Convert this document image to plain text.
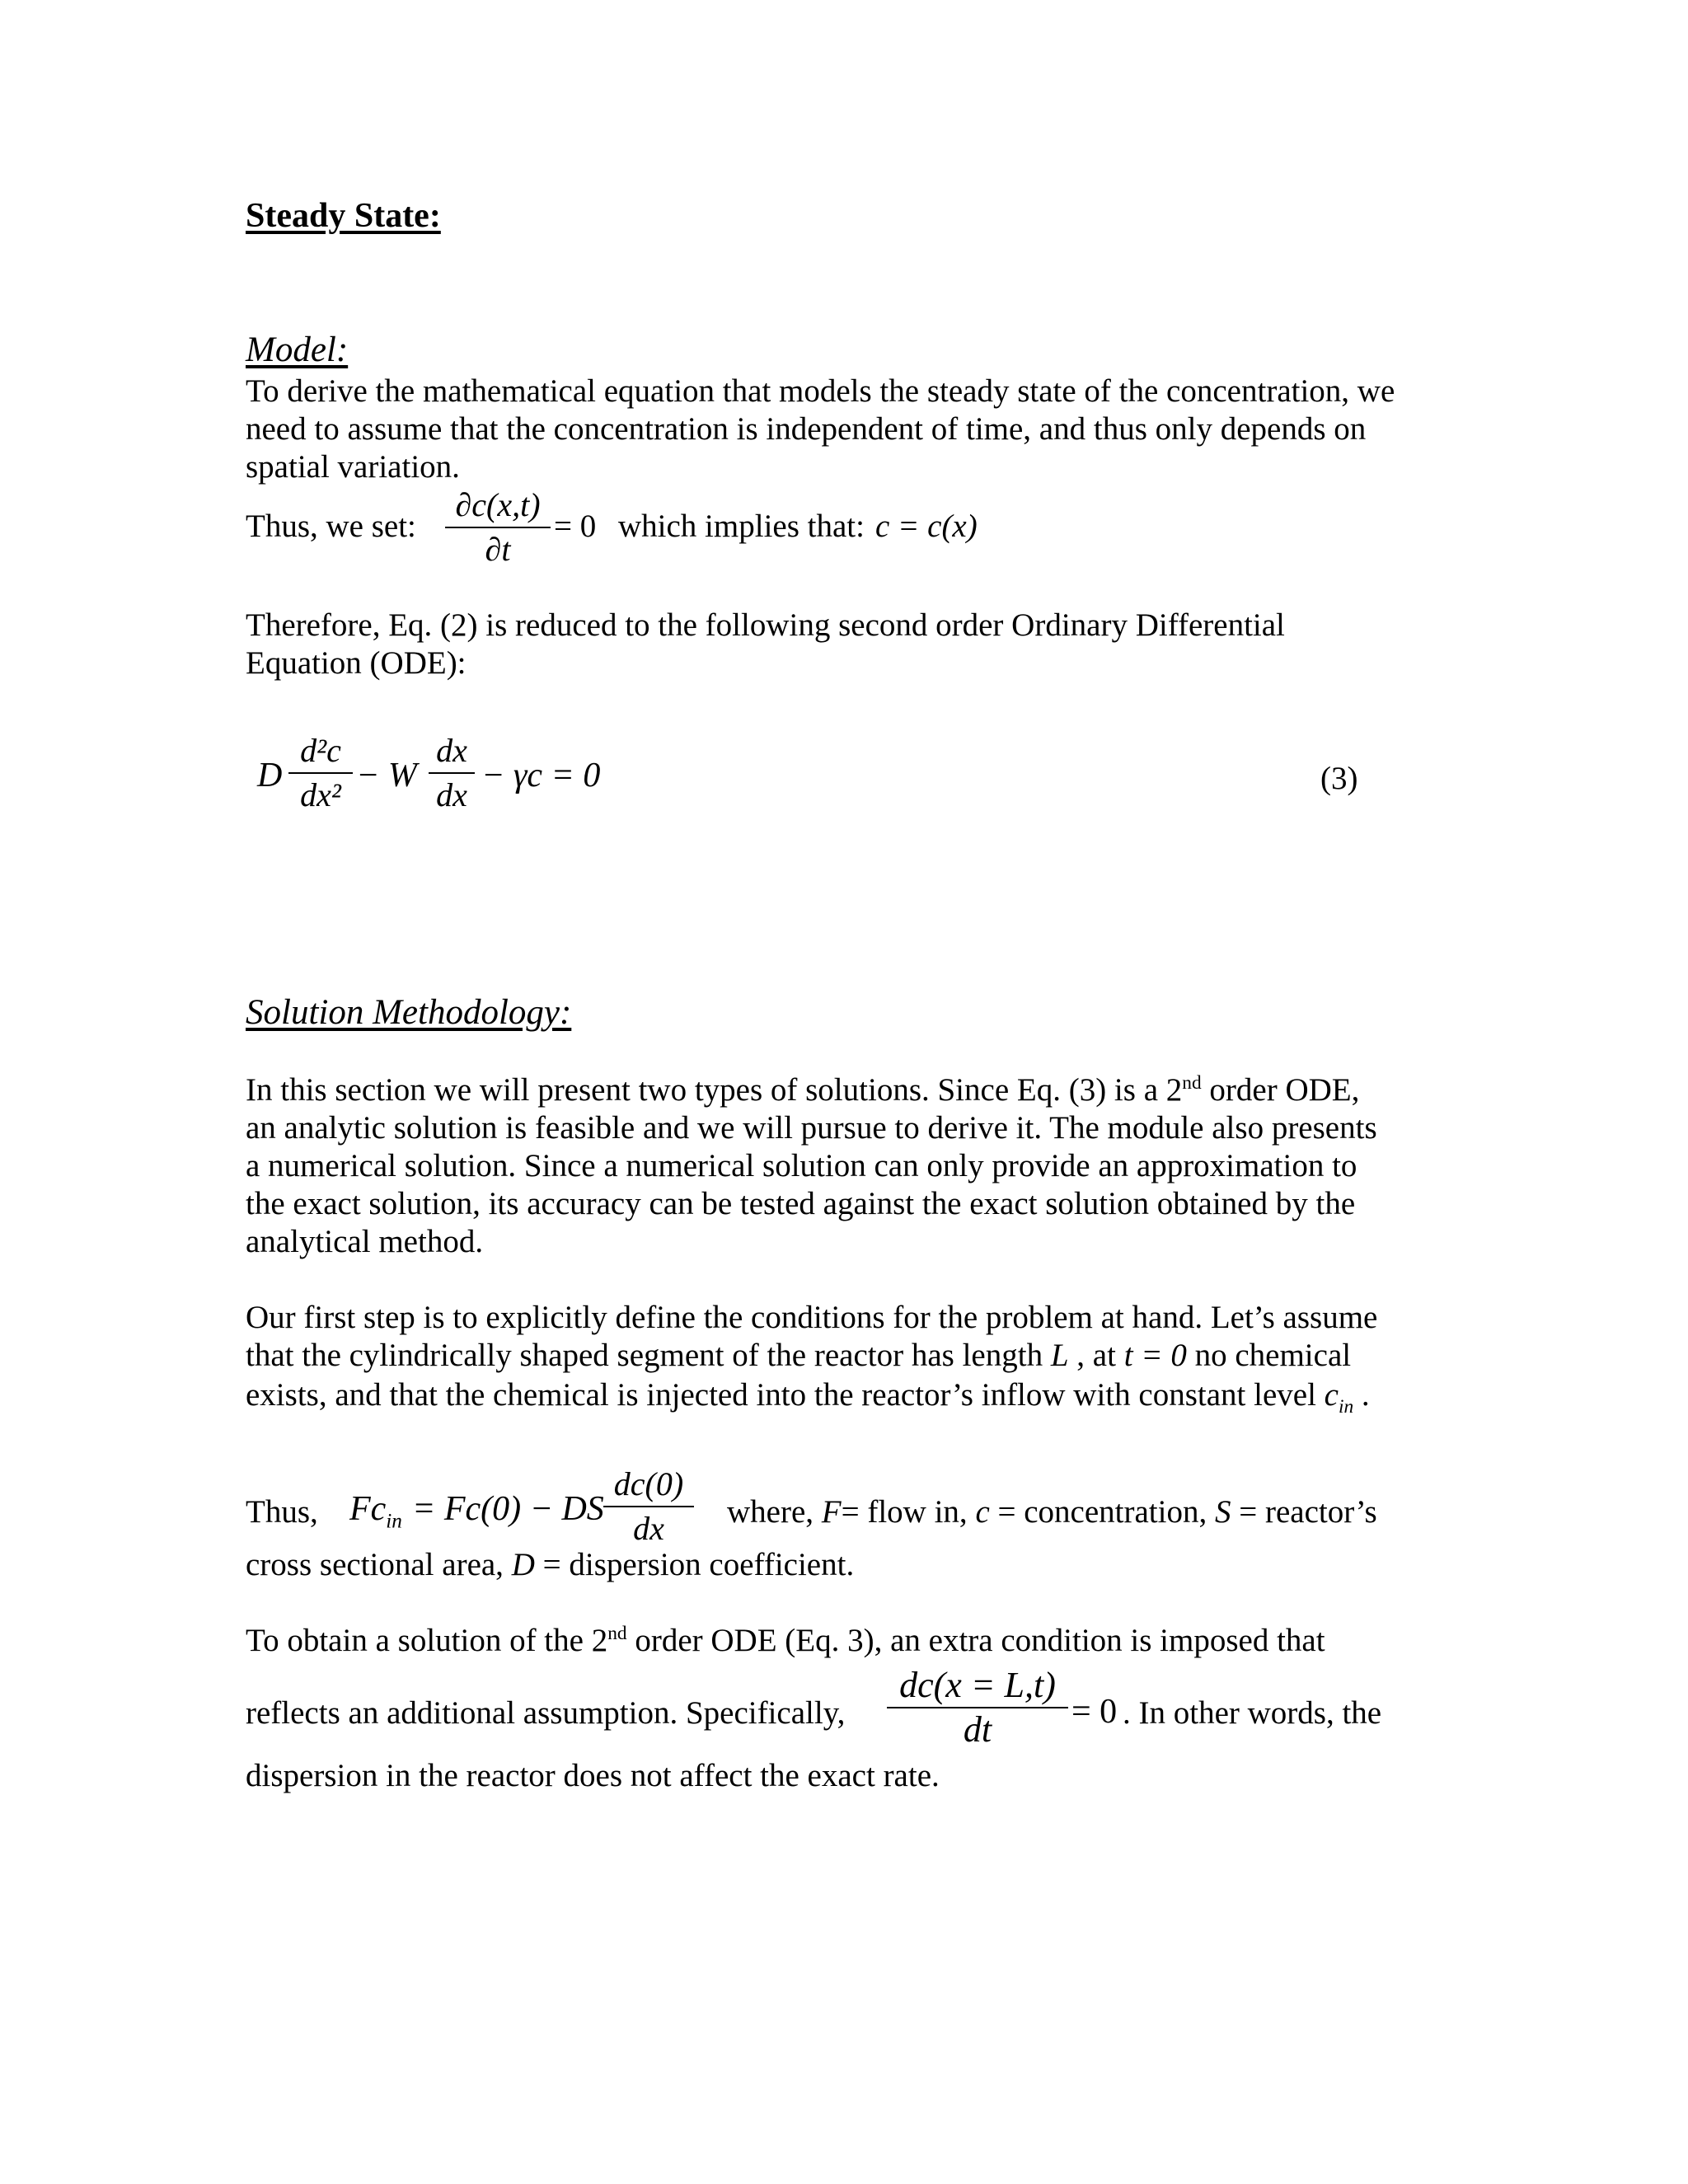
Steady State:
Model:
To derive the mathematical equation that models the steady state of the concentration, we
need to assume that the concentration is independent of time, and thus only depends on
spatial variation.
Thus, we set:
∂c(x,t)
∂t
= 0 which implies that: c = c(x)
Therefore, Eq. (2) is reduced to the following second order Ordinary Differential
Equation (ODE):
D
d²c
dx²
− W
dx
dx
− γc = 0	(3)
Solution Methodology:
In this section we will present two types of solutions. Since Eq. (3) is a 2nd order ODE,
an analytic solution is feasible and we will pursue to derive it. The module also presents
a numerical solution. Since a numerical solution can only provide an approximation to
the exact solution, its accuracy can be tested against the exact solution obtained by the
analytical method.
Our first step is to explicitly define the conditions for the problem at hand. Let’s assume
that the cylindrically shaped segment of the reactor has length L , at t = 0 no chemical
exists, and that the chemical is injected into the reactor’s inflow with constant level $c_{in}$ .
Thus, $Fc_{in} = Fc(0)$ − DS
dc(0)
dx	where, F= flow in, c = concentration, S = reactor’s
cross sectional area, D = dispersion coefficient.
To obtain a solution of the 2nd order ODE (Eq. 3), an extra condition is imposed that
reflects an additional assumption. Specifically,
dc(x = L,t)
dt	= 0 . In other words, the
dispersion in the reactor does not affect the exact rate.
